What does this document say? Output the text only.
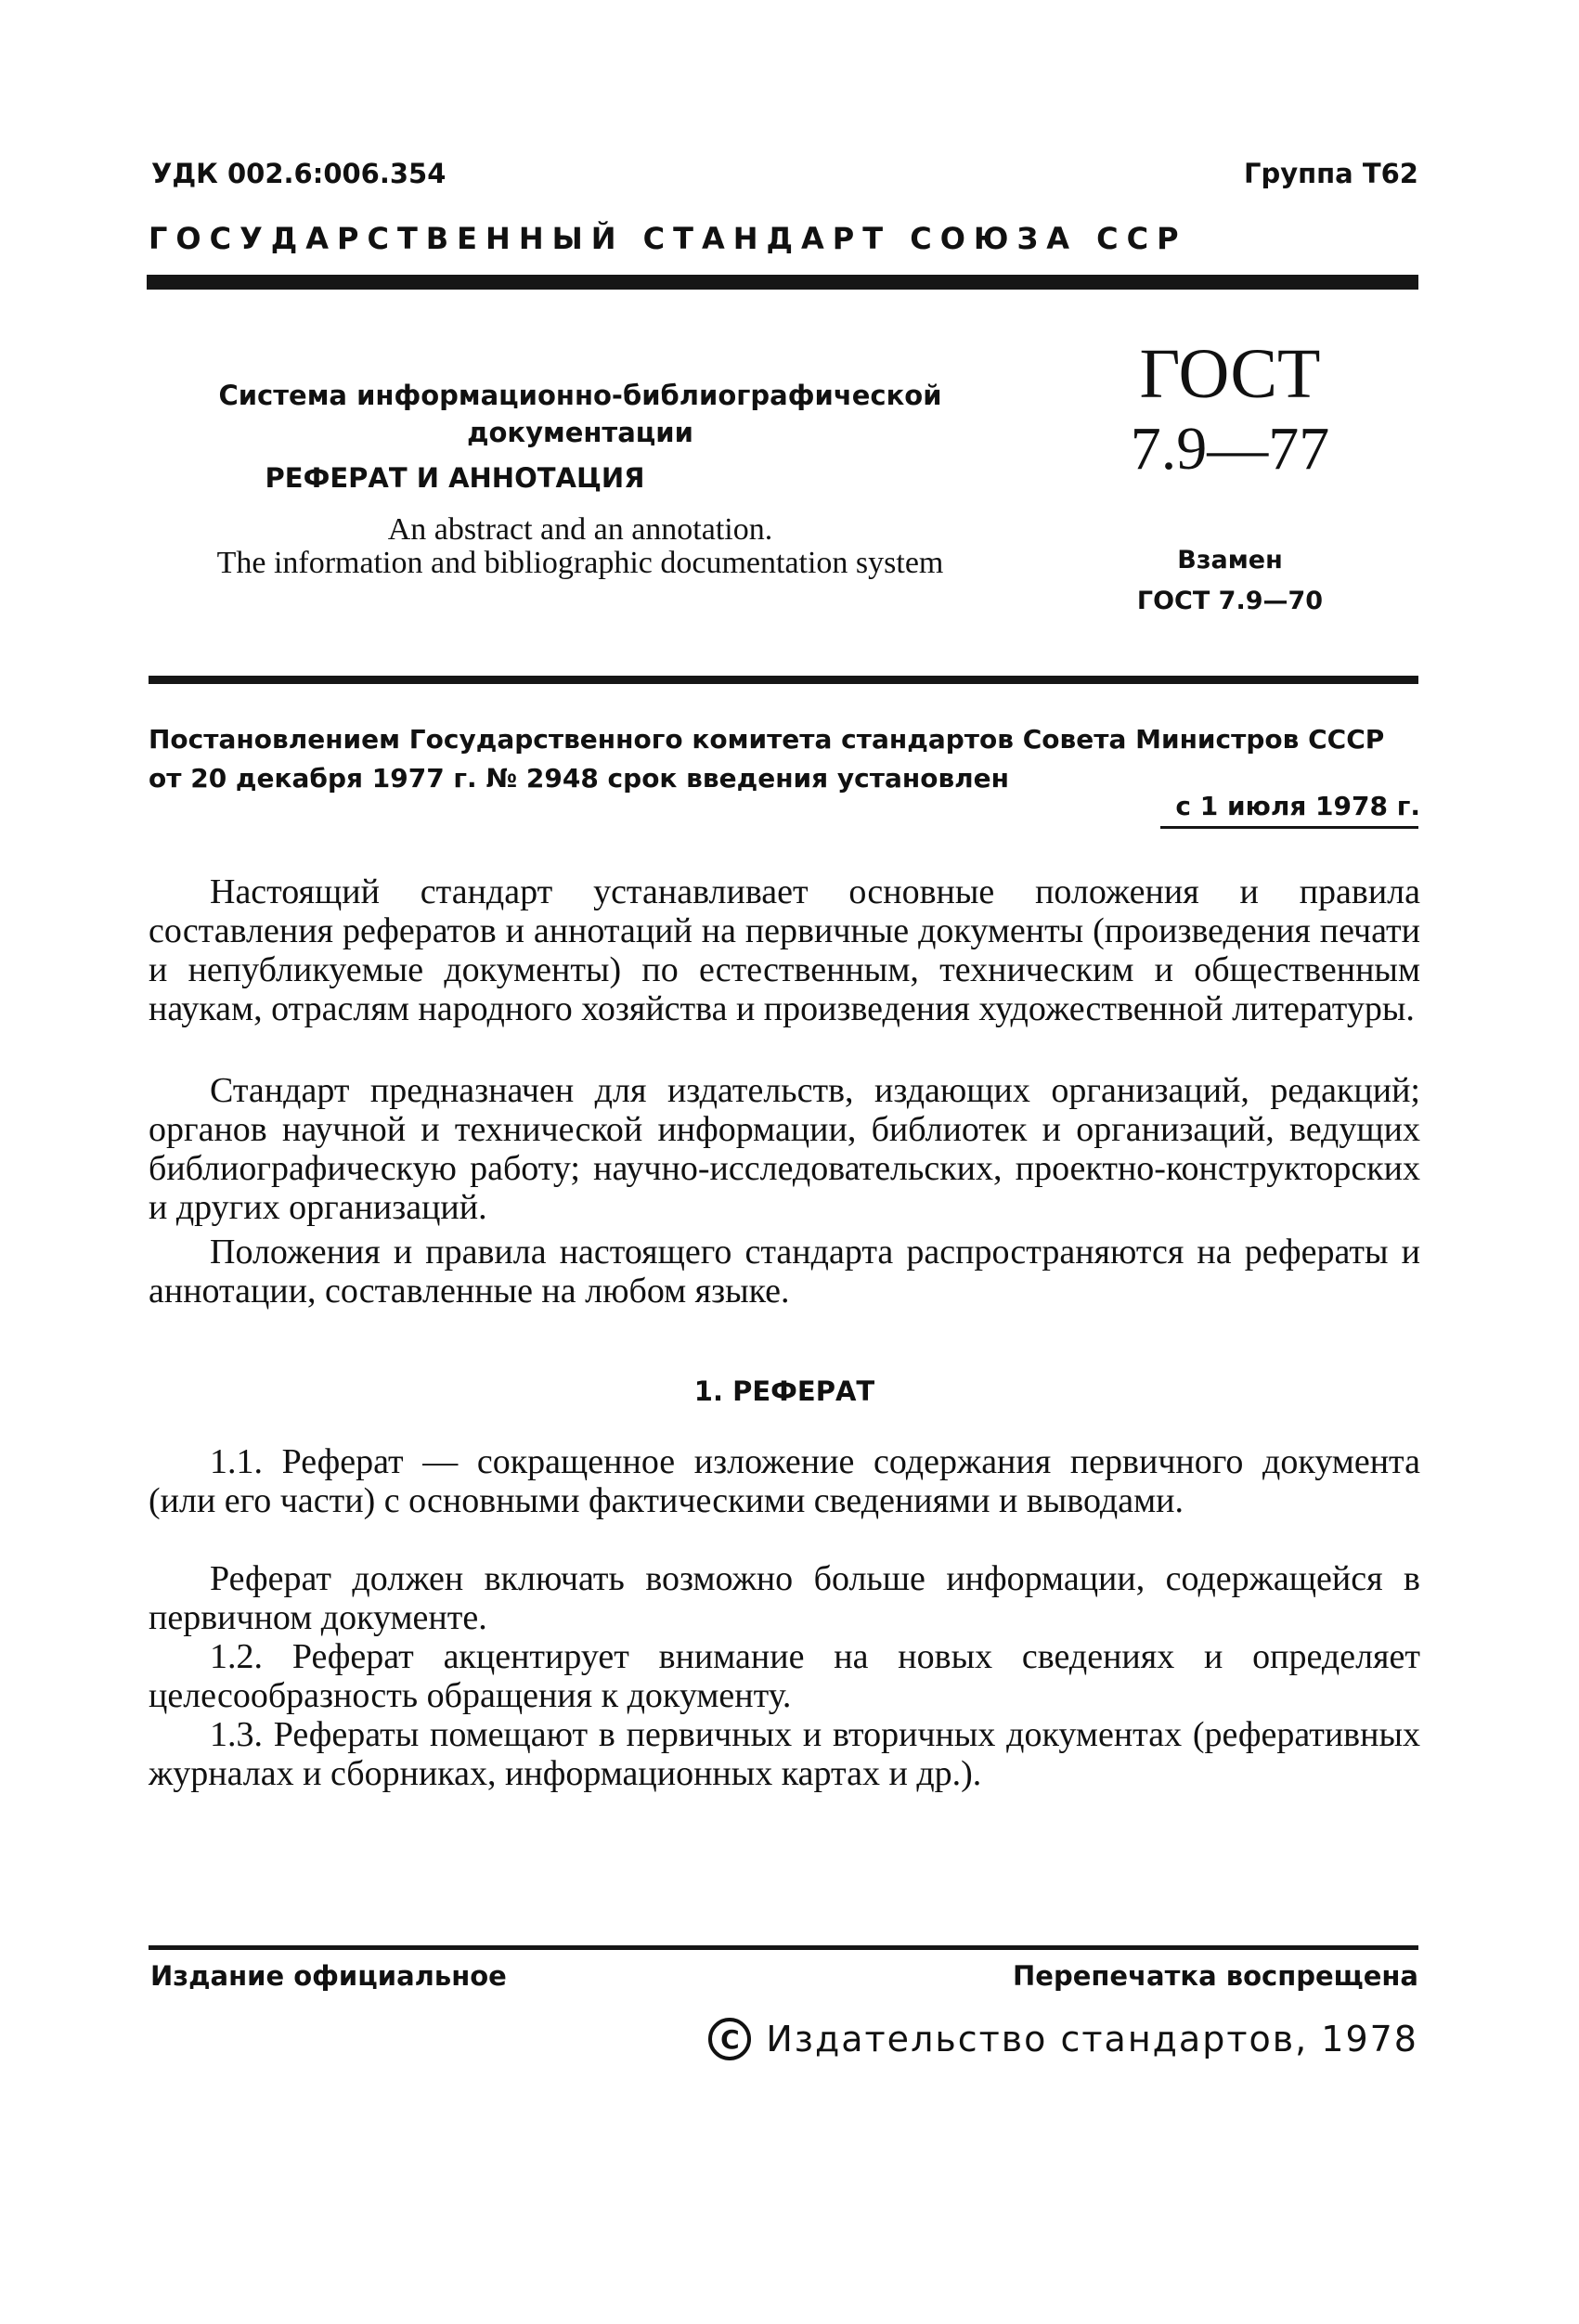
УДК 002.6:006.354	Группа Т62
ГОСУДАРСТВЕННЫЙ СТАНДАРТ СОЮЗА ССР
Система информационно-библиографической
документации
РЕФЕРАТ И АННОТАЦИЯ
An abstract and an annotation.
The information and bibliographic documentation system
ГОСТ
7.9—77
Взамен
ГОСТ 7.9—70
Постановлением Государственного комитета стандартов Совета Министров СССР
от 20 декабря 1977 г. № 2948 срок введения установлен
с 1 июля 1978 г.

Настоящий стандарт устанавливает основные положения и правила составления рефератов и аннотаций на первичные документы (произведения печати и непубликуемые документы) по естественным, техническим и общественным наукам, отраслям народного хозяйства и произведения художественной литературы.

Стандарт предназначен для издательств, издающих организаций, редакций; органов научной и технической информации, библиотек и организаций, ведущих библиографическую работу; научно-исследовательских, проектно-конструкторских и других организаций.

Положения и правила настоящего стандарта распространяются на рефераты и аннотации, составленные на любом языке.

1. РЕФЕРАТ

1.1. Реферат — сокращенное изложение содержания первичного документа (или его части) с основными фактическими сведениями и выводами.

Реферат должен включать возможно больше информации, содержащейся в первичном документе.

1.2. Реферат акцентирует внимание на новых сведениях и определяет целесообразность обращения к документу.

1.3. Рефераты помещают в первичных и вторичных документах (реферативных журналах и сборниках, информационных картах и др.).

Издание официальное	Перепечатка воспрещена
C Издательство стандартов, 1978
